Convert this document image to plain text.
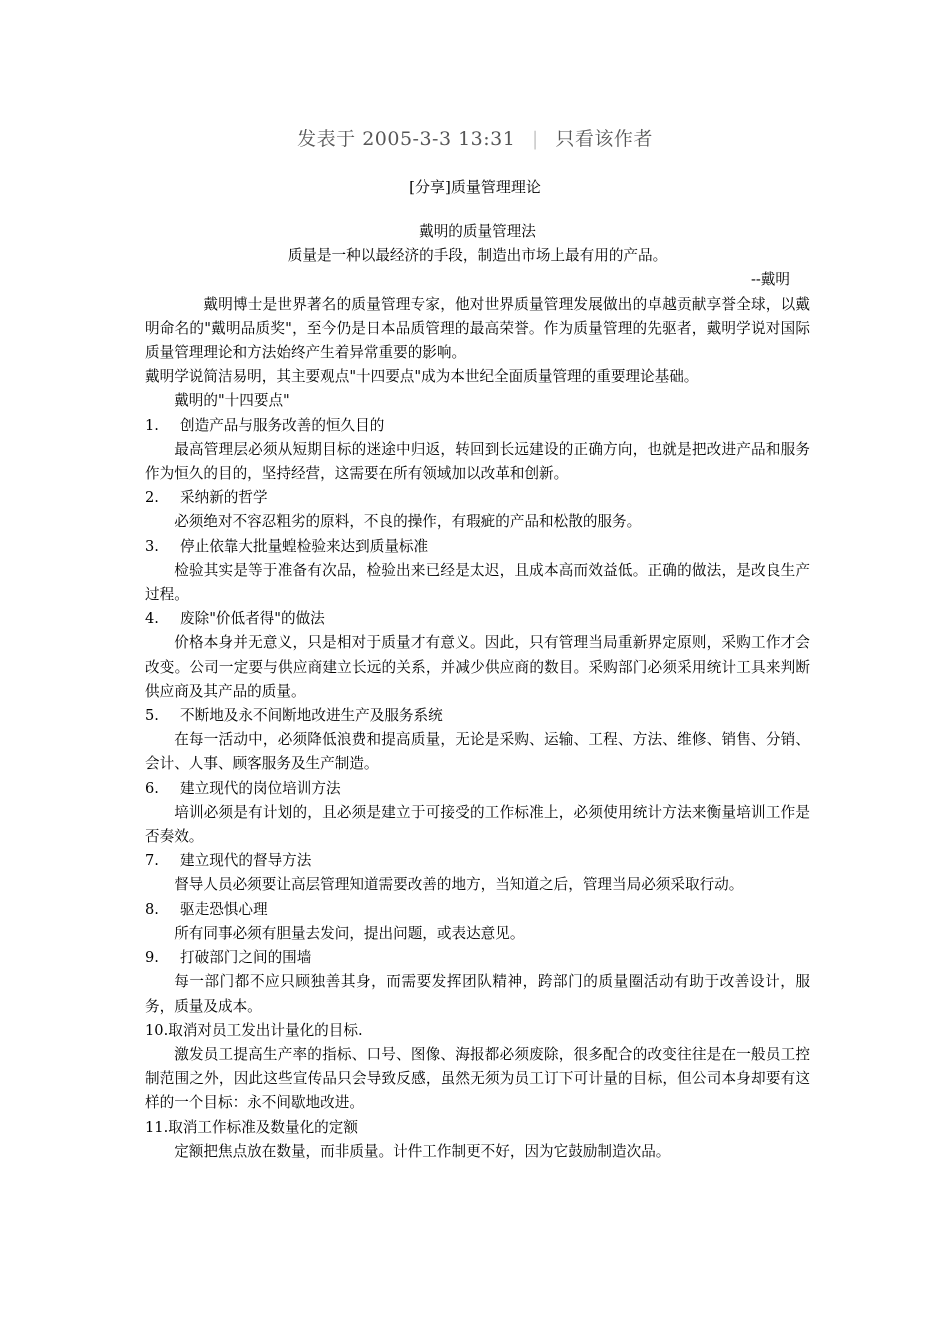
发表于 2005-3-3 13:31 | 只看该作者
[分享]质量管理理论

戴明的质量管理法

质量是一种以最经济的手段，制造出市场上最有用的产品。

--戴明

戴明博士是世界著名的质量管理专家，他对世界质量管理发展做出的卓越贡献享誉全球，以戴明命名的"戴明品质奖"，至今仍是日本品质管理的最高荣誉。作为质量管理的先驱者，戴明学说对国际质量管理理论和方法始终产生着异常重要的影响。

戴明学说简洁易明，其主要观点"十四要点"成为本世纪全面质量管理的重要理论基础。

戴明的"十四要点"

1.	创造产品与服务改善的恒久目的

最高管理层必须从短期目标的迷途中归返，转回到长远建设的正确方向，也就是把改进产品和服务作为恒久的目的，坚持经营，这需要在所有领域加以改革和创新。

2.	采纳新的哲学

必须绝对不容忍粗劣的原料，不良的操作，有瑕疵的产品和松散的服务。

3.	停止依靠大批量蝗检验来达到质量标准

检验其实是等于准备有次品，检验出来已经是太迟，且成本高而效益低。正确的做法，是改良生产过程。

4.	废除"价低者得"的做法

价格本身并无意义，只是相对于质量才有意义。因此，只有管理当局重新界定原则，采购工作才会改变。公司一定要与供应商建立长远的关系，并减少供应商的数目。采购部门必须采用统计工具来判断供应商及其产品的质量。

5.	不断地及永不间断地改进生产及服务系统

在每一活动中，必须降低浪费和提高质量，无论是采购、运输、工程、方法、维修、销售、分销、会计、人事、顾客服务及生产制造。

6.	建立现代的岗位培训方法

培训必须是有计划的，且必须是建立于可接受的工作标准上，必须使用统计方法来衡量培训工作是否奏效。

7.	建立现代的督导方法

督导人员必须要让高层管理知道需要改善的地方，当知道之后，管理当局必须采取行动。

8.	驱走恐惧心理

所有同事必须有胆量去发问，提出问题，或表达意见。

9.	打破部门之间的围墙

每一部门都不应只顾独善其身，而需要发挥团队精神，跨部门的质量圈活动有助于改善设计，服务，质量及成本。

10. 取消对员工发出计量化的目标.

激发员工提高生产率的指标、口号、图像、海报都必须废除，很多配合的改变往往是在一般员工控制范围之外，因此这些宣传品只会导致反感，虽然无须为员工订下可计量的目标，但公司本身却要有这样的一个目标：永不间歇地改进。

11. 取消工作标准及数量化的定额

定额把焦点放在数量，而非质量。计件工作制更不好，因为它鼓励制造次品。
